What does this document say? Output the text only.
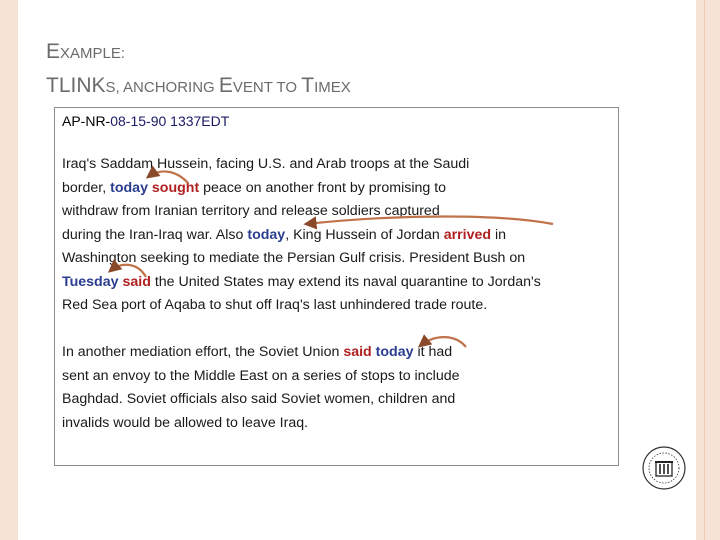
EXAMPLE:
TLINKS, ANCHORING EVENT TO TIMEX
AP-NR-08-15-90 1337EDT
Iraq's Saddam Hussein, facing U.S. and Arab troops at the Saudi
border, today sought peace on another front by promising to
withdraw from Iranian territory and release soldiers captured
during the Iran-Iraq war. Also today, King Hussein of Jordan arrived in
Washington seeking to mediate the Persian Gulf crisis. President Bush on
Tuesday said the United States may extend its naval quarantine to Jordan's
Red Sea port of Aqaba to shut off Iraq's last unhindered trade route.
In another mediation effort, the Soviet Union said today it had
sent an envoy to the Middle East on a series of stops to include
Baghdad. Soviet officials also said Soviet women, children and
invalids would be allowed to leave Iraq.
